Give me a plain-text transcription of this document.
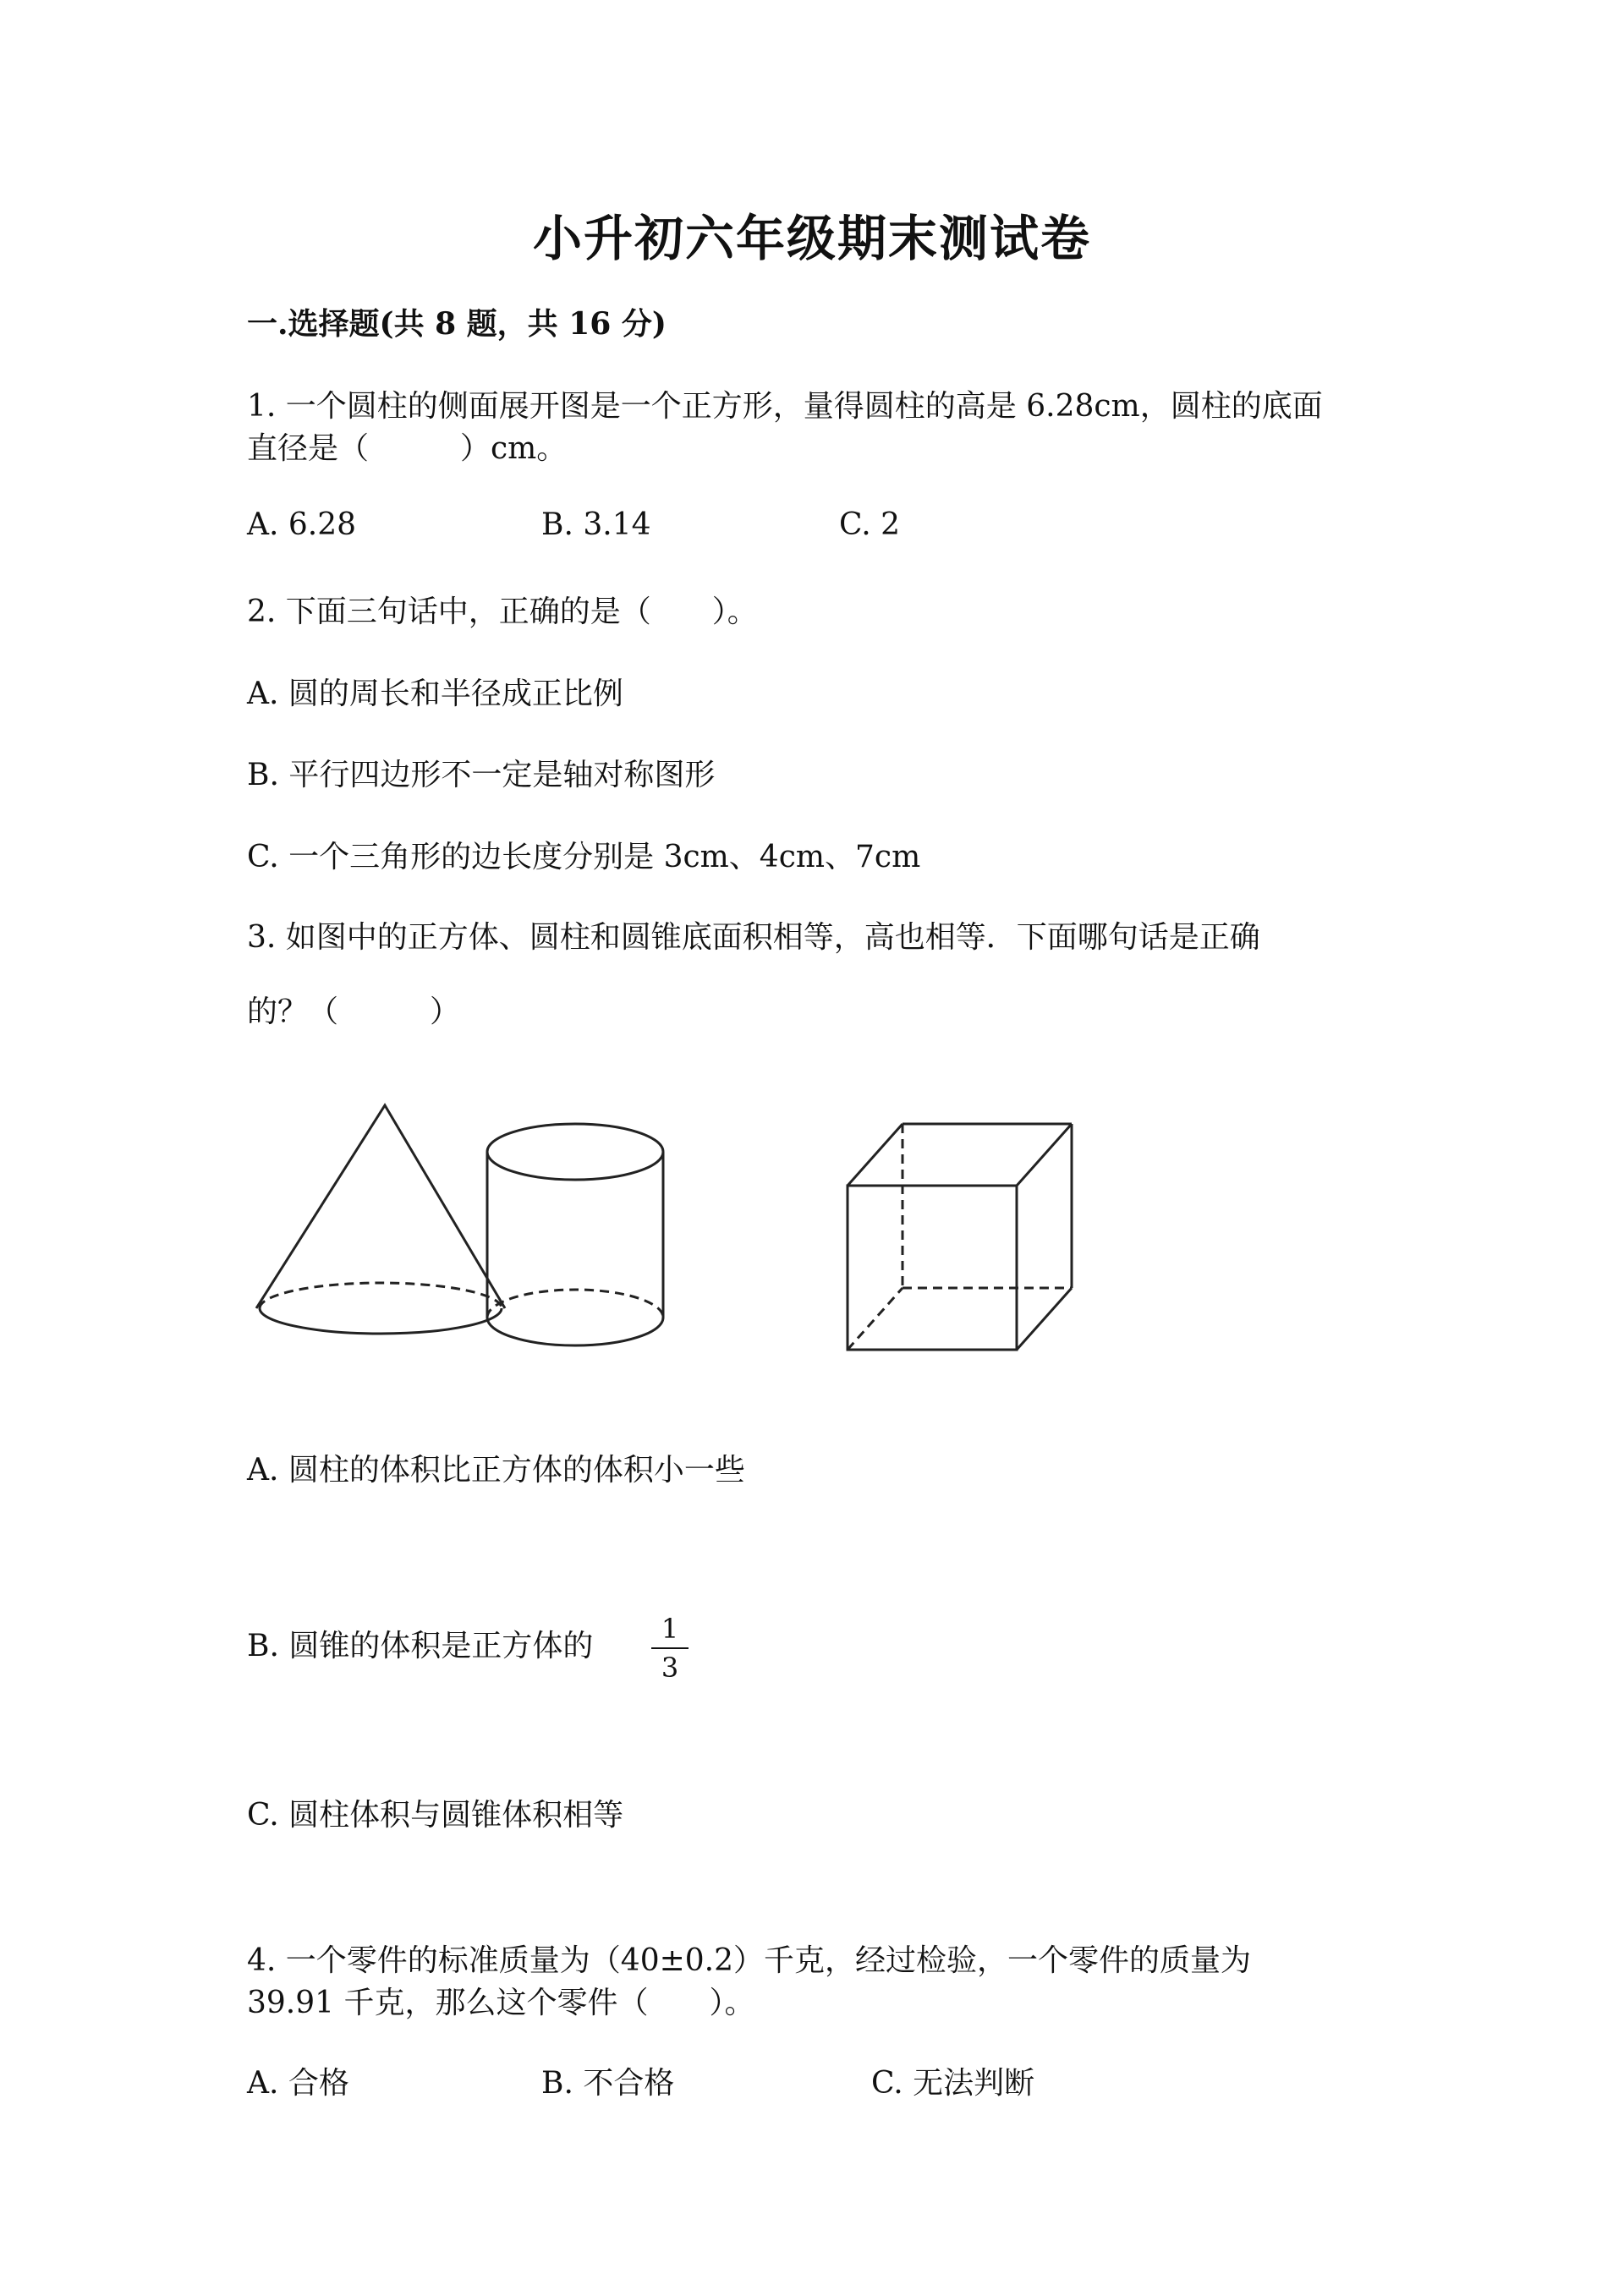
小升初六年级期末测试卷
一.选择题(共 8 题，共 16 分)
1. 一个圆柱的侧面展开图是一个正方形，量得圆柱的高是 6.28cm，圆柱的底面
直径是（　　　）cm。
A. 6.28	B. 3.14	C. 2
2. 下面三句话中，正确的是（　　）。
A. 圆的周长和半径成正比例
B. 平行四边形不一定是轴对称图形
C. 一个三角形的边长度分别是 3cm、4cm、7cm
3. 如图中的正方体、圆柱和圆锥底面积相等，高也相等．下面哪句话是正确
的？（　　　）
A. 圆柱的体积比正方体的体积小一些
B. 圆锥的体积是正方体的	1
3
C. 圆柱体积与圆锥体积相等
4. 一个零件的标准质量为（40±0.2）千克，经过检验，一个零件的质量为
39.91 千克，那么这个零件（　　）。
A. 合格	B. 不合格	C. 无法判断
